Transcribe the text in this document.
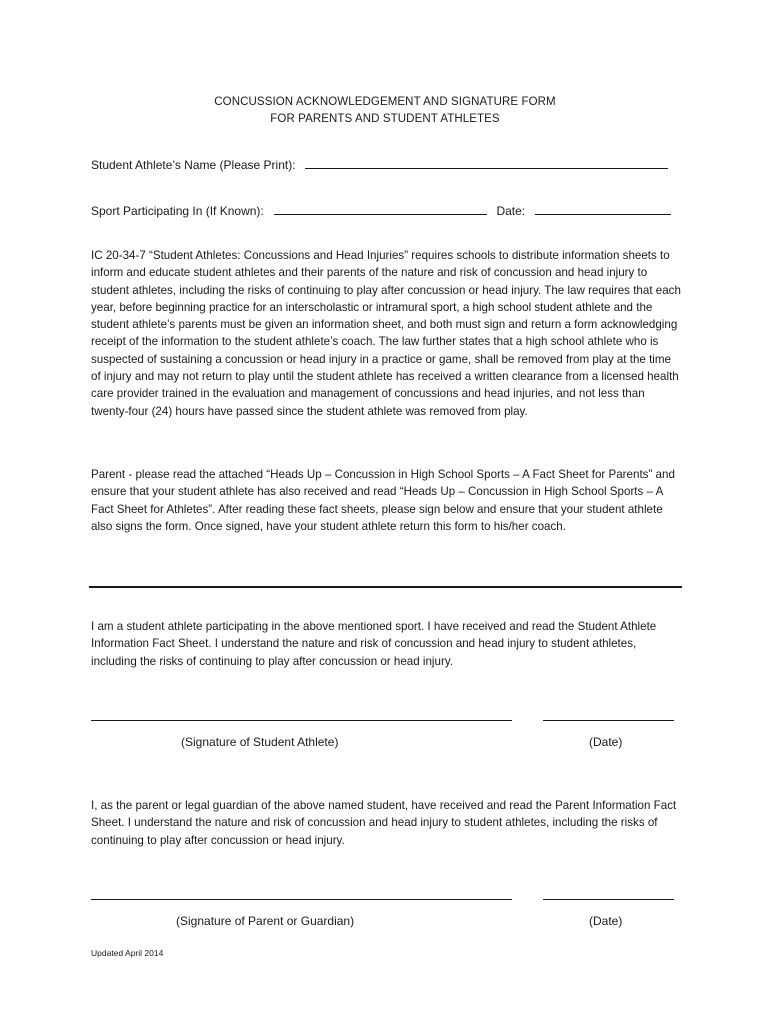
CONCUSSION ACKNOWLEDGEMENT AND SIGNATURE FORM
FOR PARENTS AND STUDENT ATHLETES
Student Athlete’s Name (Please Print):
Sport Participating In (If Known):	Date:

IC 20-34-7 “Student Athletes: Concussions and Head Injuries” requires schools to distribute information sheets to inform and educate student athletes and their parents of the nature and risk of concussion and head injury to student athletes, including the risks of continuing to play after concussion or head injury. The law requires that each year, before beginning practice for an interscholastic or intramural sport, a high school student athlete and the student athlete’s parents must be given an information sheet, and both must sign and return a form acknowledging receipt of the information to the student athlete’s coach. The law further states that a high school athlete who is suspected of sustaining a concussion or head injury in a practice or game, shall be removed from play at the time of injury and may not return to play until the student athlete has received a written clearance from a licensed health care provider trained in the evaluation and management of concussions and head injuries, and not less than twenty-four (24) hours have passed since the student athlete was removed from play.

Parent - please read the attached “Heads Up – Concussion in High School Sports – A Fact Sheet for Parents” and ensure that your student athlete has also received and read “Heads Up – Concussion in High School Sports – A Fact Sheet for Athletes”. After reading these fact sheets, please sign below and ensure that your student athlete also signs the form. Once signed, have your student athlete return this form to his/her coach.

I am a student athlete participating in the above mentioned sport. I have received and read the Student Athlete Information Fact Sheet. I understand the nature and risk of concussion and head injury to student athletes, including the risks of continuing to play after concussion or head injury.

(Signature of Student Athlete)	(Date)

I, as the parent or legal guardian of the above named student, have received and read the Parent Information Fact Sheet. I understand the nature and risk of concussion and head injury to student athletes, including the risks of continuing to play after concussion or head injury.

(Signature of Parent or Guardian)	(Date)
Updated April 2014
